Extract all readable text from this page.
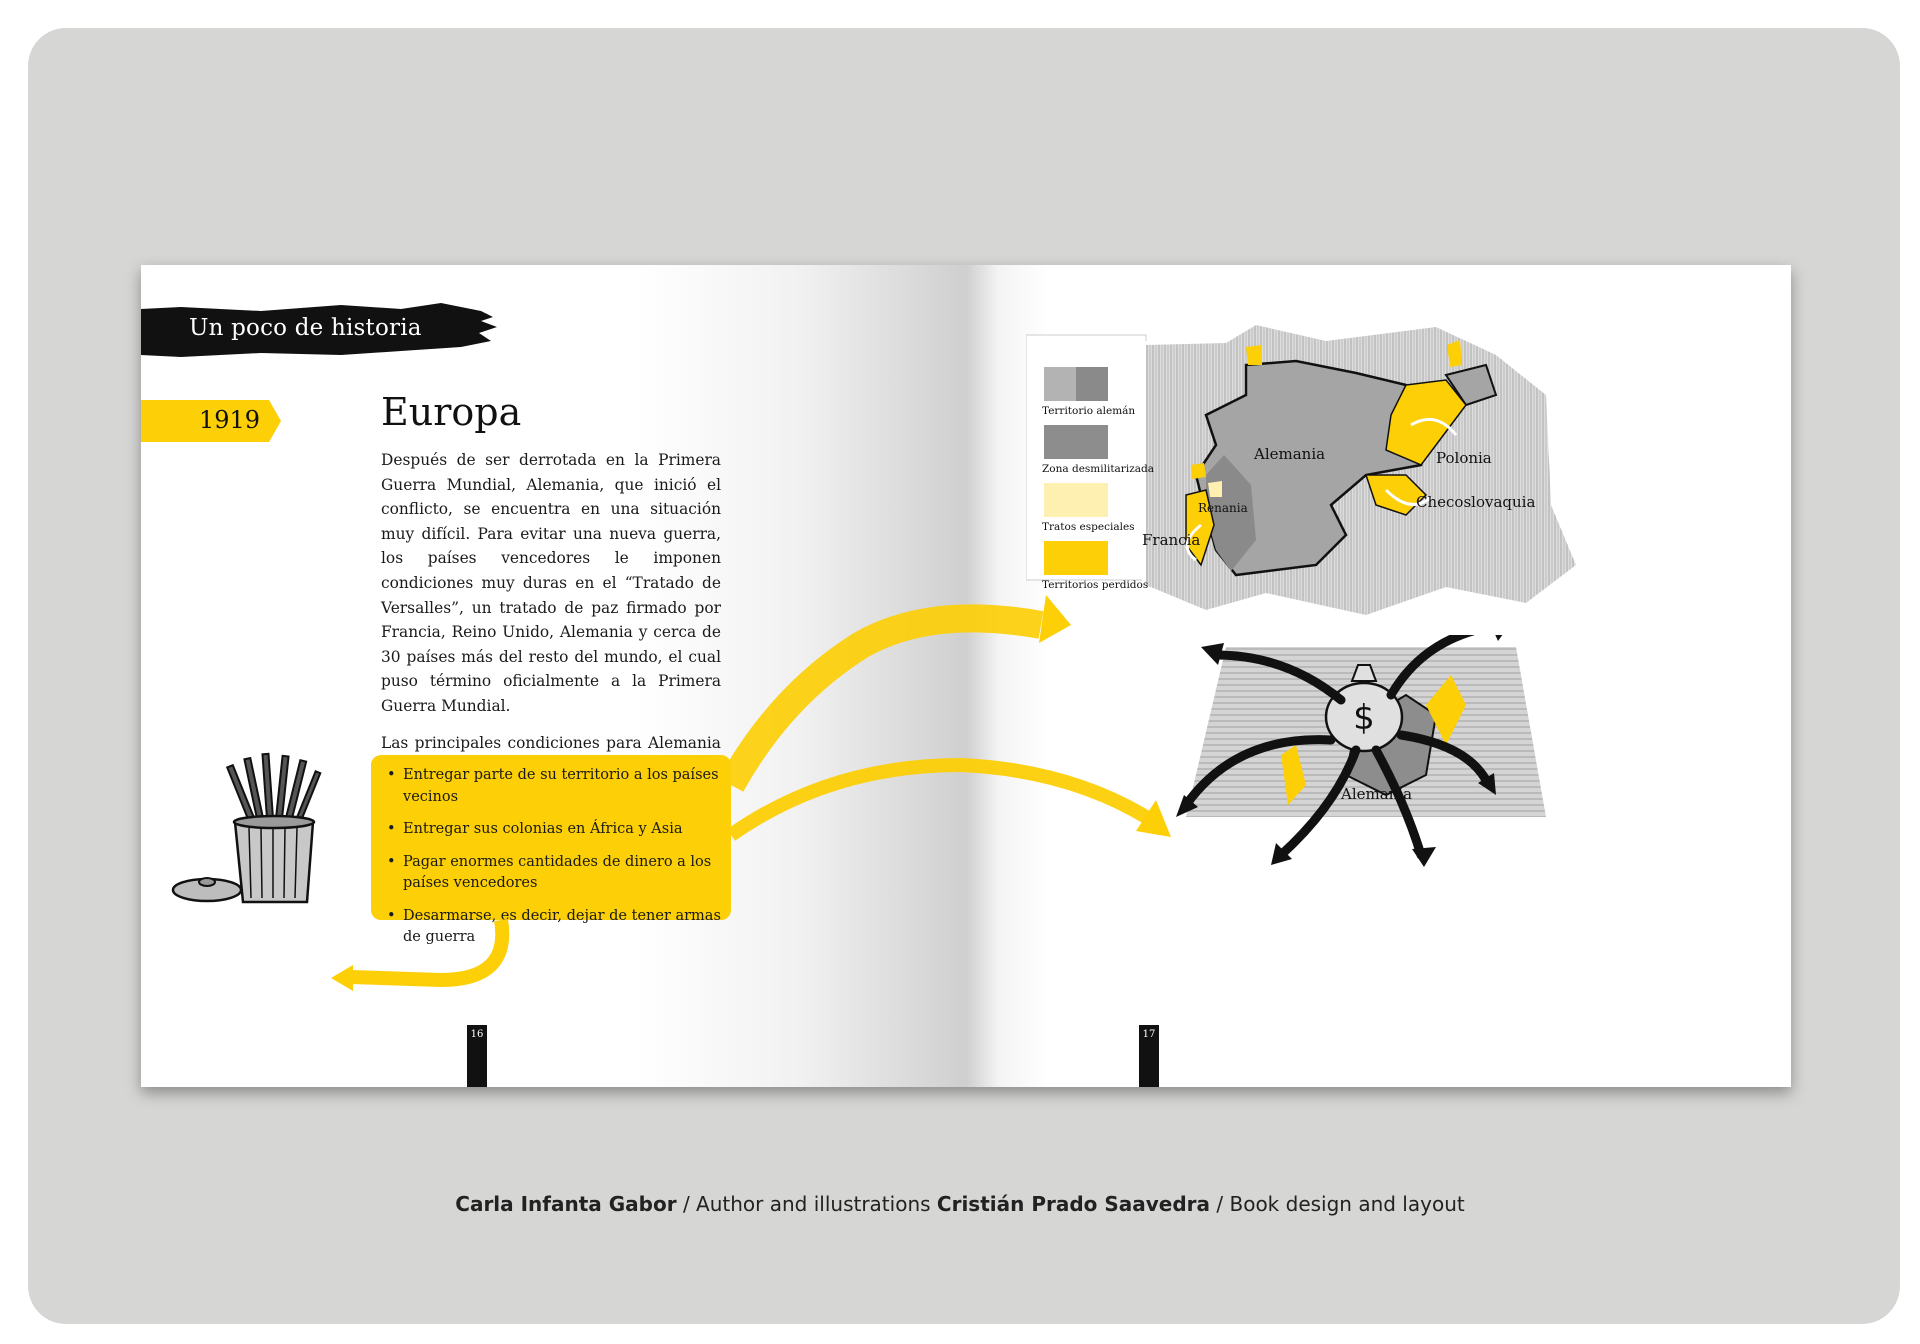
Un poco de historia
1919	Europa

Después de ser derrotada en la Primera Guerra Mundial, Alemania, que inició el conflicto, se encuentra en una situación muy difícil. Para evitar una nueva guerra, los países vencedores le imponen condiciones muy duras en el “Tratado de Versalles”, un tratado de paz firmado por Francia, Reino Unido, Alemania y cerca de 30 países más del resto del mundo, el cual puso término oficialmente a la Primera Guerra Mundial.

Las principales condiciones para Alemania

• Entregar parte de su territorio a los países vecinos
• Entregar sus colonias en África y Asia
• Pagar enormes cantidades de dinero a los países vencedores
• Desarmarse, es decir, dejar de tener armas de guerra
16
Territorio alemán
Zona desmilitarizada
Tratos especiales
Territorios perdidos
Alemania	Polonia
Checoslovaquia
Renania
Francia
$
Alemania
17
Carla Infanta Gabor / Author and illustrations Cristián Prado Saavedra / Book design and layout
